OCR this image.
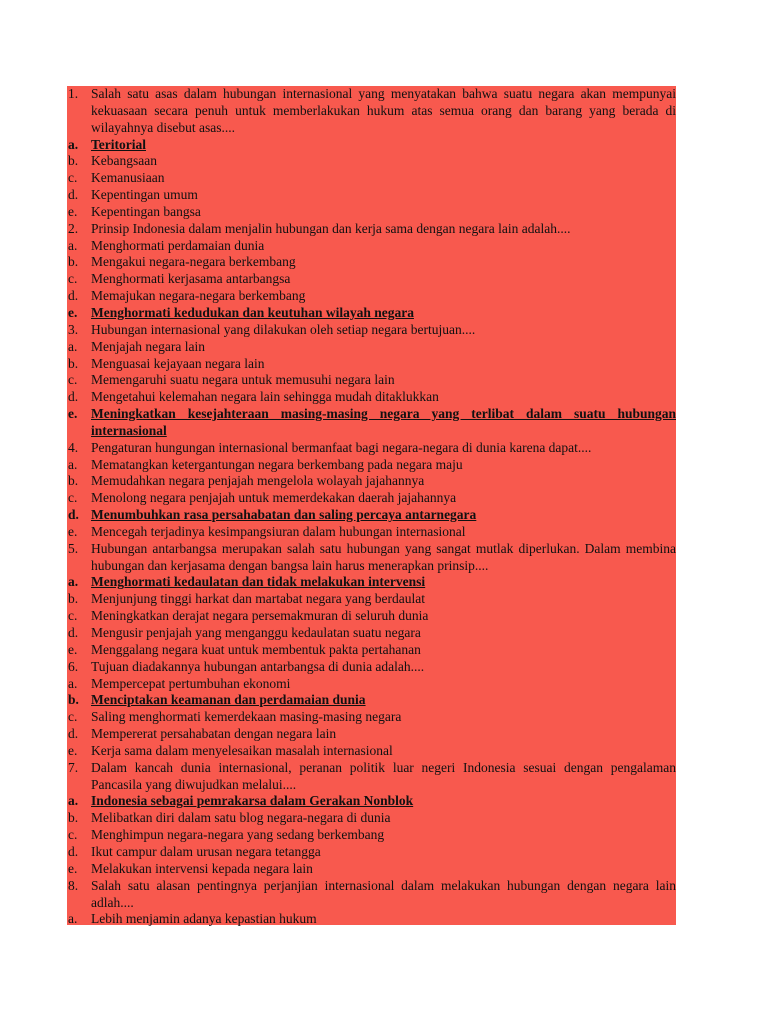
1. Salah satu asas dalam hubungan internasional yang menyatakan bahwa suatu negara akan mempunyai kekuasaan secara penuh untuk memberlakukan hukum atas semua orang dan barang yang berada di wilayahnya disebut asas....
a. Teritorial
b. Kebangsaan
c. Kemanusiaan
d. Kepentingan umum
e. Kepentingan bangsa
2. Prinsip Indonesia dalam menjalin hubungan dan kerja sama dengan negara lain adalah....
a. Menghormati perdamaian dunia
b. Mengakui negara-negara berkembang
c. Menghormati kerjasama antarbangsa
d. Memajukan negara-negara berkembang
e. Menghormati kedudukan dan keutuhan wilayah negara
3. Hubungan internasional yang dilakukan oleh setiap negara bertujuan....
a. Menjajah negara lain
b. Menguasai kejayaan negara lain
c. Memengaruhi suatu negara untuk memusuhi negara lain
d. Mengetahui kelemahan negara lain sehingga mudah ditaklukkan
e. Meningkatkan kesejahteraan masing-masing negara yang terlibat dalam suatu hubungan internasional
4. Pengaturan hungungan internasional bermanfaat bagi negara-negara di dunia karena dapat....
a. Mematangkan ketergantungan negara berkembang pada negara maju
b. Memudahkan negara penjajah mengelola wolayah jajahannya
c. Menolong negara penjajah untuk memerdekakan daerah jajahannya
d. Menumbuhkan rasa persahabatan dan saling percaya antarnegara
e. Mencegah terjadinya kesimpangsiuran dalam hubungan internasional
5. Hubungan antarbangsa merupakan salah satu hubungan yang sangat mutlak diperlukan. Dalam membina hubungan dan kerjasama dengan bangsa lain harus menerapkan prinsip....
a. Menghormati kedaulatan dan tidak melakukan intervensi
b. Menjunjung tinggi harkat dan martabat negara yang berdaulat
c. Meningkatkan derajat negara persemakmuran di seluruh dunia
d. Mengusir penjajah yang menganggu kedaulatan suatu negara
e. Menggalang negara kuat untuk membentuk pakta pertahanan
6. Tujuan diadakannya hubungan antarbangsa di dunia adalah....
a. Mempercepat pertumbuhan ekonomi
b. Menciptakan keamanan dan perdamaian dunia
c. Saling menghormati kemerdekaan masing-masing negara
d. Mempererat persahabatan dengan negara lain
e. Kerja sama dalam menyelesaikan masalah internasional
7. Dalam kancah dunia internasional, peranan politik luar negeri Indonesia sesuai dengan pengalaman Pancasila yang diwujudkan melalui....
a. Indonesia sebagai pemrakarsa dalam Gerakan Nonblok
b. Melibatkan diri dalam satu blog negara-negara di dunia
c. Menghimpun negara-negara yang sedang berkembang
d. Ikut campur dalam urusan negara tetangga
e. Melakukan intervensi kepada negara lain
8. Salah satu alasan pentingnya perjanjian internasional dalam melakukan hubungan dengan negara lain adlah....
a. Lebih menjamin adanya kepastian hukum
